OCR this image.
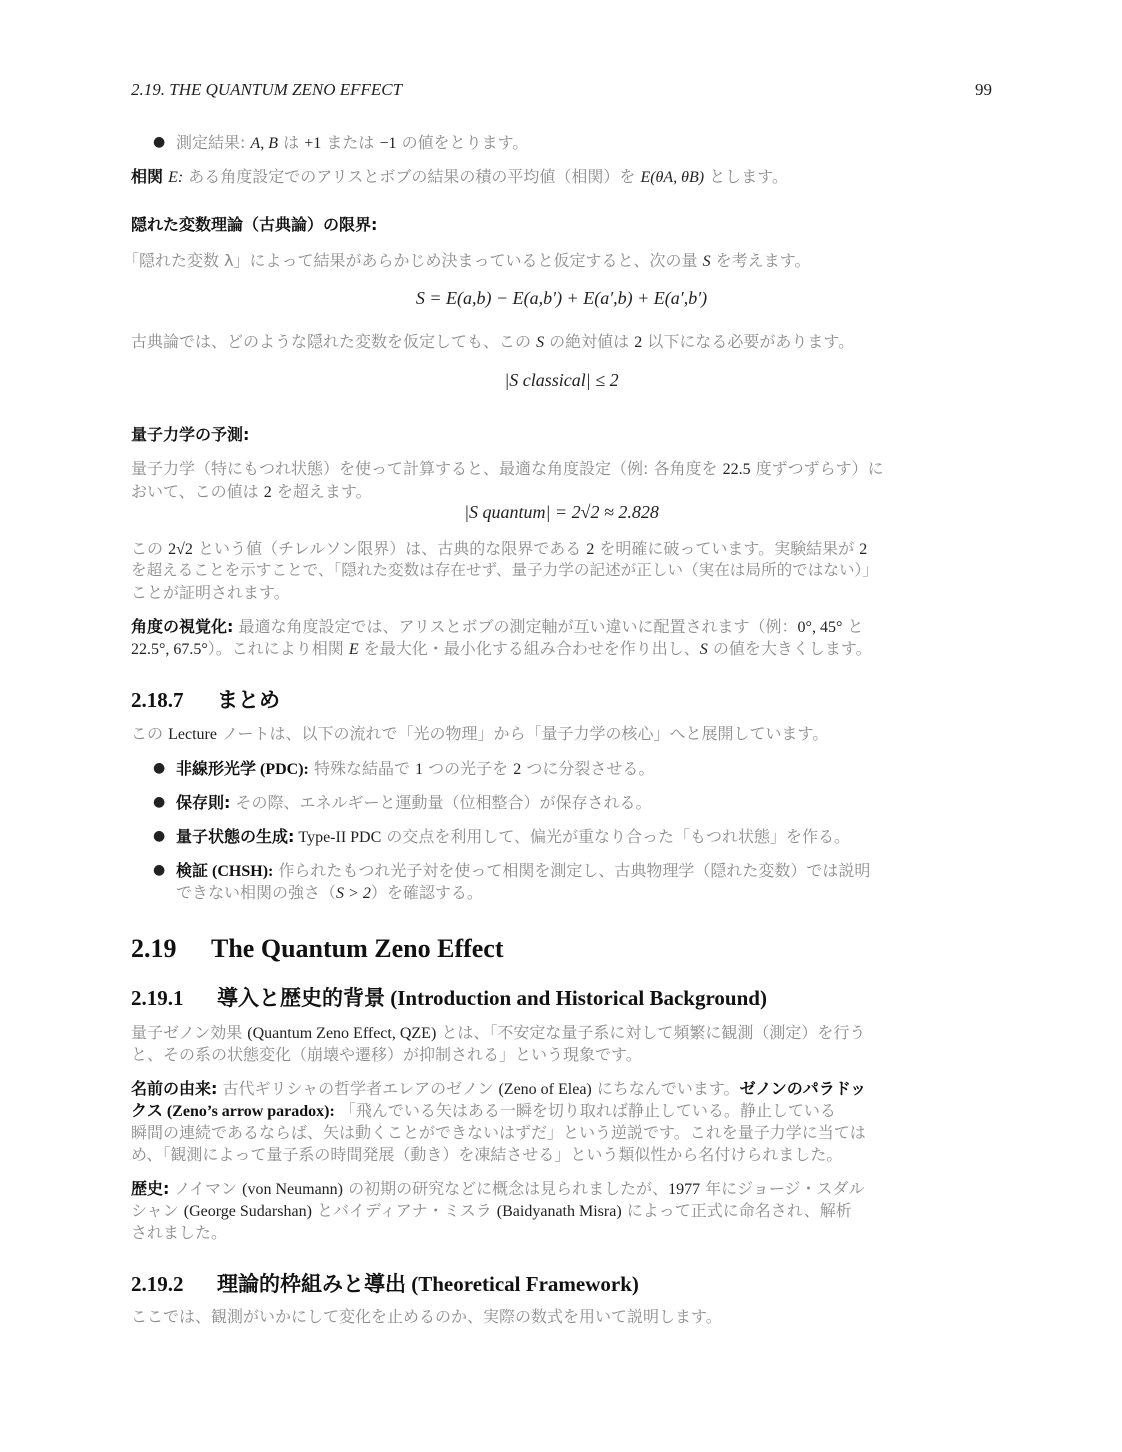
2.19. THE QUANTUM ZENO EFFECT	99
● 測定結果: A, B は +1 または −1 の値をとります。
相関 E: ある角度設定でのアリスとボブの結果の積の平均値（相関）を E(θA, θB) とします。
隠れた変数理論（古典論）の限界:
「隠れた変数 λ」によって結果があらかじめ決まっていると仮定すると、次の量 S を考えます。
S = E(a,b) − E(a,b′) + E(a′,b) + E(a′,b′)
古典論では、どのような隠れた変数を仮定しても、この S の絶対値は 2 以下になる必要があります。
|S classical| ≤ 2
量子力学の予測:
量子力学（特にもつれ状態）を使って計算すると、最適な角度設定（例: 各角度を 22.5 度ずつずらす）に
おいて、この値は 2 を超えます。
|S quantum| = 2√2 ≈ 2.828
この 2√2 という値（チレルソン限界）は、古典的な限界である 2 を明確に破っています。実験結果が 2
を超えることを示すことで、「隠れた変数は存在せず、量子力学の記述が正しい（実在は局所的ではない）」
ことが証明されます。
角度の視覚化: 最適な角度設定では、アリスとボブの測定軸が互い違いに配置されます（例：0°, 45° と
22.5°, 67.5°）。これにより相関 E を最大化・最小化する組み合わせを作り出し、S の値を大きくします。
2.18.7 まとめ
この Lecture ノートは、以下の流れで「光の物理」から「量子力学の核心」へと展開しています。
● 非線形光学 (PDC): 特殊な結晶で 1 つの光子を 2 つに分裂させる。
● 保存則: その際、エネルギーと運動量（位相整合）が保存される。
● 量子状態の生成: Type-II PDC の交点を利用して、偏光が重なり合った「もつれ状態」を作る。
● 検証 (CHSH): 作られたもつれ光子対を使って相関を測定し、古典物理学（隠れた変数）では説明
できない相関の強さ（S > 2）を確認する。
2.19 The Quantum Zeno Effect
2.19.1 導入と歴史的背景 (Introduction and Historical Background)
量子ゼノン効果 (Quantum Zeno Effect, QZE) とは、「不安定な量子系に対して頻繁に観測（測定）を行う
と、その系の状態変化（崩壊や遷移）が抑制される」という現象です。
名前の由来: 古代ギリシャの哲学者エレアのゼノン (Zeno of Elea) にちなんでいます。ゼノンのパラドッ
クス (Zeno’s arrow paradox): 「飛んでいる矢はある一瞬を切り取れば静止している。静止している
瞬間の連続であるならば、矢は動くことができないはずだ」という逆説です。これを量子力学に当ては
め、「観測によって量子系の時間発展（動き）を凍結させる」という類似性から名付けられました。
歴史: ノイマン (von Neumann) の初期の研究などに概念は見られましたが、1977 年にジョージ・スダル
シャン (George Sudarshan) とバイディアナ・ミスラ (Baidyanath Misra) によって正式に命名され、解析
されました。
2.19.2 理論的枠組みと導出 (Theoretical Framework)
ここでは、観測がいかにして変化を止めるのか、実際の数式を用いて説明します。
